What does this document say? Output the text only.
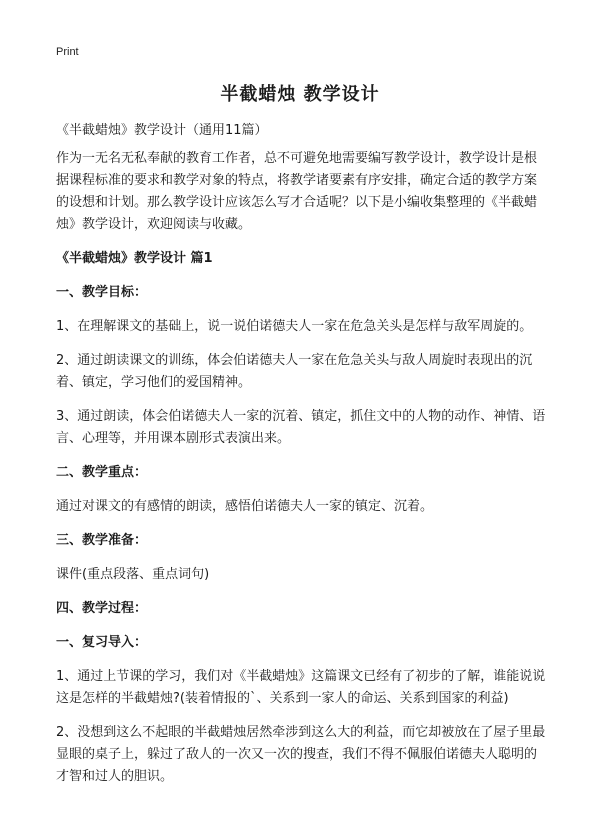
Print
半截蜡烛 教学设计

《半截蜡烛》教学设计（通用11篇）

作为一无名无私奉献的教育工作者，总不可避免地需要编写教学设计，教学设计是根据课程标准的要求和教学对象的特点，将教学诸要素有序安排，确定合适的教学方案的设想和计划。那么教学设计应该怎么写才合适呢？以下是小编收集整理的《半截蜡烛》教学设计，欢迎阅读与收藏。

《半截蜡烛》教学设计 篇1

一、教学目标：

1、在理解课文的基础上，说一说伯诺德夫人一家在危急关头是怎样与敌军周旋的。

2、通过朗读课文的训练，体会伯诺德夫人一家在危急关头与敌人周旋时表现出的沉着、镇定，学习他们的爱国精神。

3、通过朗读，体会伯诺德夫人一家的沉着、镇定，抓住文中的人物的动作、神情、语言、心理等，并用课本剧形式表演出来。

二、教学重点：

通过对课文的有感情的朗读，感悟伯诺德夫人一家的镇定、沉着。

三、教学准备：

课件(重点段落、重点词句)

四、教学过程：

一、复习导入：

1、通过上节课的学习，我们对《半截蜡烛》这篇课文已经有了初步的了解，谁能说说这是怎样的半截蜡烛?(装着情报的`、关系到一家人的命运、关系到国家的利益)

2、没想到这么不起眼的半截蜡烛居然牵涉到这么大的利益，而它却被放在了屋子里最显眼的桌子上，躲过了敌人的一次又一次的搜查，我们不得不佩服伯诺德夫人聪明的才智和过人的胆识。
